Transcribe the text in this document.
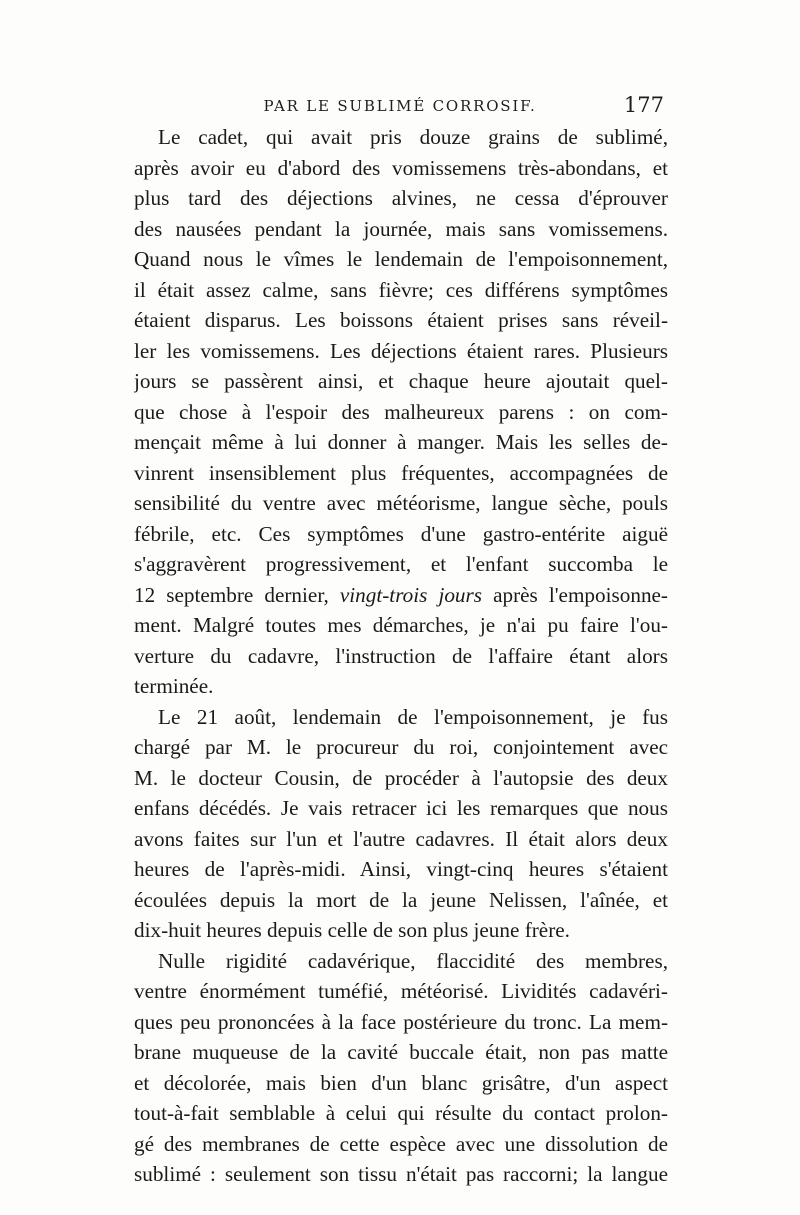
PAR LE SUBLIMÉ CORROSIF.	177
Le cadet, qui avait pris douze grains de sublimé,
après avoir eu d'abord des vomissemens très-abondans, et
plus tard des déjections alvines, ne cessa d'éprouver
des nausées pendant la journée, mais sans vomissemens.
Quand nous le vîmes le lendemain de l'empoisonnement,
il était assez calme, sans fièvre; ces différens symptômes
étaient disparus. Les boissons étaient prises sans réveil-
ler les vomissemens. Les déjections étaient rares. Plusieurs
jours se passèrent ainsi, et chaque heure ajoutait quel-
que chose à l'espoir des malheureux parens : on com-
mençait même à lui donner à manger. Mais les selles de-
vinrent insensiblement plus fréquentes, accompagnées de
sensibilité du ventre avec météorisme, langue sèche, pouls
fébrile, etc. Ces symptômes d'une gastro-entérite aiguë
s'aggravèrent progressivement, et l'enfant succomba le
12 septembre dernier, vingt-trois jours après l'empoisonne-
ment. Malgré toutes mes démarches, je n'ai pu faire l'ou-
verture du cadavre, l'instruction de l'affaire étant alors
terminée.
Le 21 août, lendemain de l'empoisonnement, je fus
chargé par M. le procureur du roi, conjointement avec
M. le docteur Cousin, de procéder à l'autopsie des deux
enfans décédés. Je vais retracer ici les remarques que nous
avons faites sur l'un et l'autre cadavres. Il était alors deux
heures de l'après-midi. Ainsi, vingt-cinq heures s'étaient
écoulées depuis la mort de la jeune Nelissen, l'aînée, et
dix-huit heures depuis celle de son plus jeune frère.
Nulle rigidité cadavérique, flaccidité des membres,
ventre énormément tuméfié, météorisé. Lividités cadavéri-
ques peu prononcées à la face postérieure du tronc. La mem-
brane muqueuse de la cavité buccale était, non pas matte
et décolorée, mais bien d'un blanc grisâtre, d'un aspect
tout-à-fait semblable à celui qui résulte du contact prolon-
gé des membranes de cette espèce avec une dissolution de
sublimé : seulement son tissu n'était pas raccorni; la langue
